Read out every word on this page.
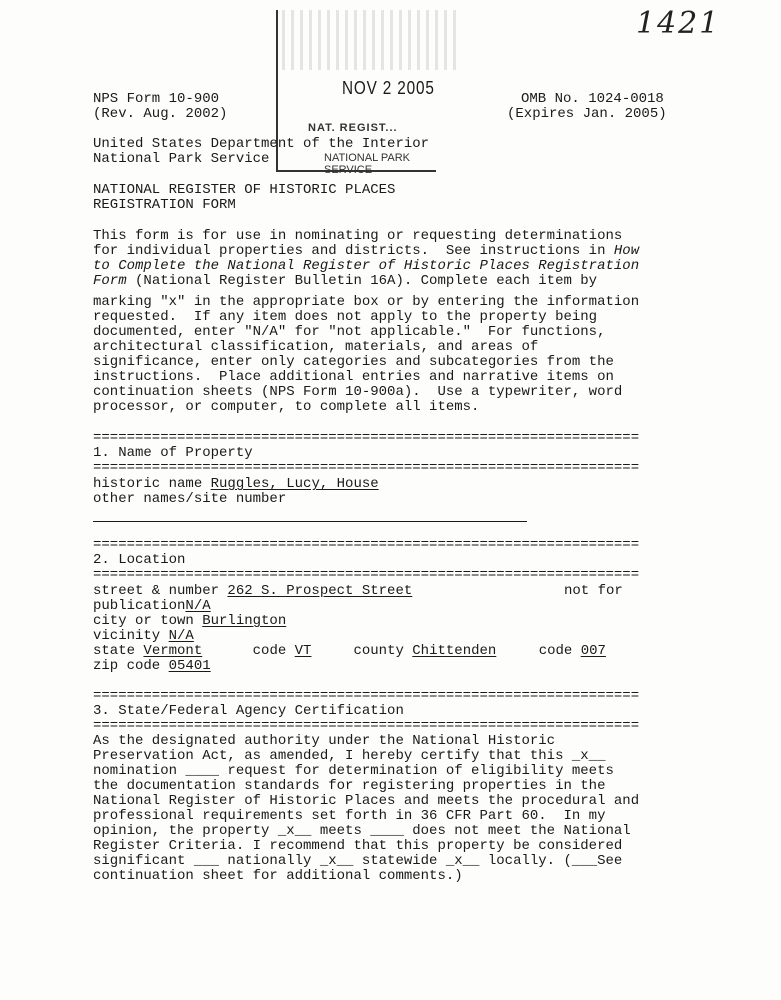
1421
NOV 2 2005
NAT. REGIST...
NATIONAL PARK SERVICE
NPS Form 10-900
(Rev. Aug. 2002)
OMB No. 1024-0018
(Expires Jan. 2005)
United States Department of the Interior
National Park Service
NATIONAL REGISTER OF HISTORIC PLACES
REGISTRATION FORM
This form is for use in nominating or requesting determinations
for individual properties and districts.  See instructions in How
to Complete the National Register of Historic Places Registration
Form (National Register Bulletin 16A). Complete each item by
marking "x" in the appropriate box or by entering the information
requested.  If any item does not apply to the property being
documented, enter "N/A" for "not applicable."  For functions,
architectural classification, materials, and areas of
significance, enter only categories and subcategories from the
instructions.  Place additional entries and narrative items on
continuation sheets (NPS Form 10-900a).  Use a typewriter, word
processor, or computer, to complete all items.
=================================================================
1. Name of Property
=================================================================
historic name Ruggles, Lucy, House
other names/site number
=================================================================
2. Location
=================================================================
street & number 262 S. Prospect Street	not for
publicationN/A
city or town Burlington
vicinity N/A
state Vermont	code VT	county Chittenden	code 007
zip code 05401
=================================================================
3. State/Federal Agency Certification
=================================================================
As the designated authority under the National Historic
Preservation Act, as amended, I hereby certify that this _x__
nomination ____ request for determination of eligibility meets
the documentation standards for registering properties in the
National Register of Historic Places and meets the procedural and
professional requirements set forth in 36 CFR Part 60.  In my
opinion, the property _x__ meets ____ does not meet the National
Register Criteria. I recommend that this property be considered
significant ___ nationally _x__ statewide _x__ locally. (___See
continuation sheet for additional comments.)
